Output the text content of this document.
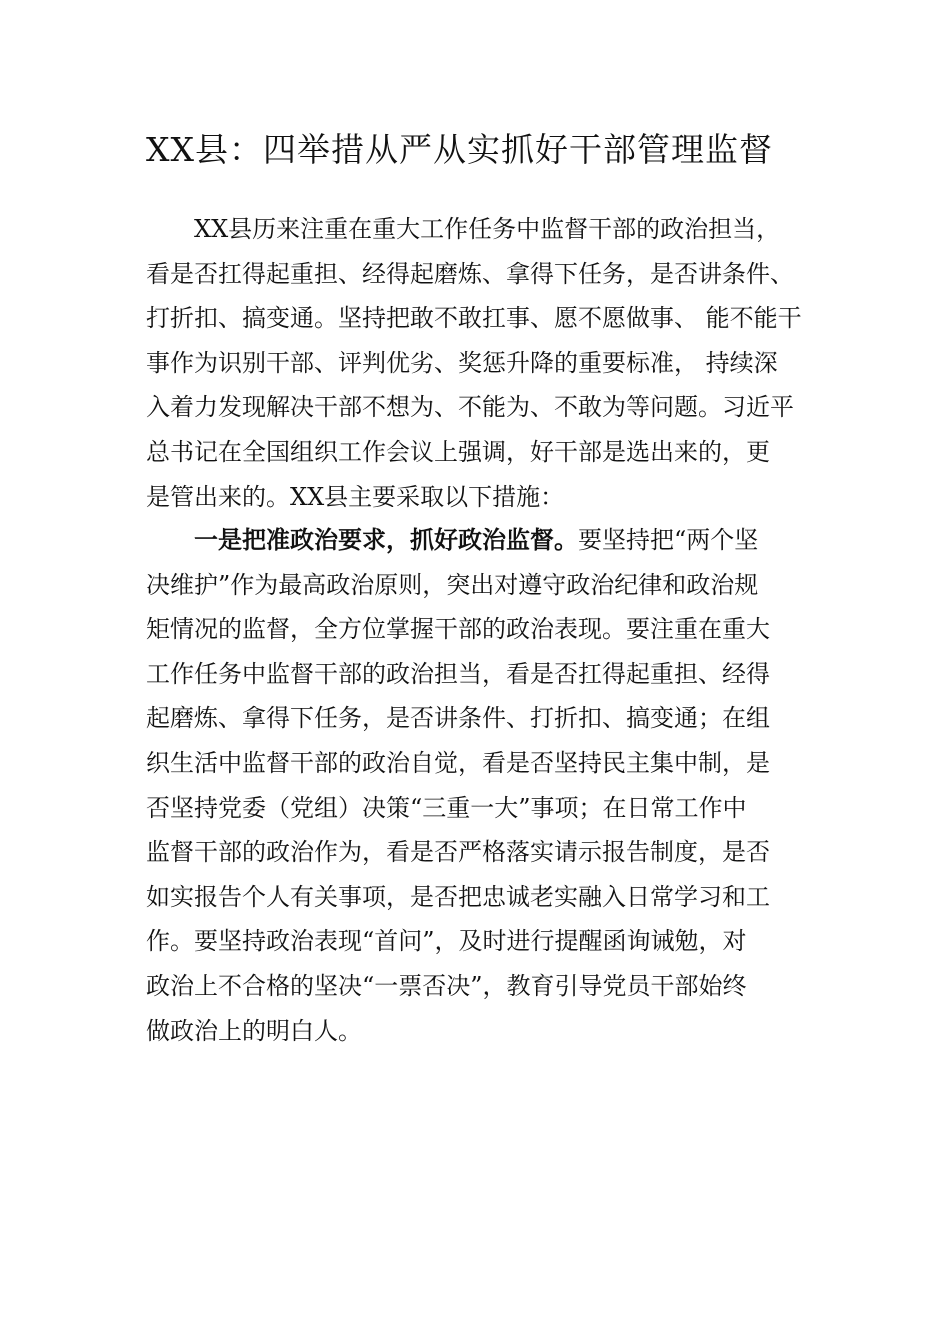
XX县：四举措从严从实抓好干部管理监督
XX县历来注重在重大工作任务中监督干部的政治担当，
看是否扛得起重担、经得起磨炼、拿得下任务，是否讲条件、
打折扣、搞变通。坚持把敢不敢扛事、愿不愿做事、 能不能干
事作为识别干部、评判优劣、奖惩升降的重要标准， 持续深
入着力发现解决干部不想为、不能为、不敢为等问题。习近平
总书记在全国组织工作会议上强调，好干部是选出来的，更
是管出来的。XX县主要采取以下措施：
一是把准政治要求，抓好政治监督。要坚持把“两个坚
决维护”作为最高政治原则，突出对遵守政治纪律和政治规
矩情况的监督，全方位掌握干部的政治表现。要注重在重大
工作任务中监督干部的政治担当，看是否扛得起重担、经得
起磨炼、拿得下任务，是否讲条件、打折扣、搞变通；在组
织生活中监督干部的政治自觉，看是否坚持民主集中制，是
否坚持党委（党组）决策“三重一大”事项；在日常工作中
监督干部的政治作为，看是否严格落实请示报告制度，是否
如实报告个人有关事项，是否把忠诚老实融入日常学习和工
作。要坚持政治表现“首问”，及时进行提醒函询诫勉，对
政治上不合格的坚决“一票否决”，教育引导党员干部始终
做政治上的明白人。
